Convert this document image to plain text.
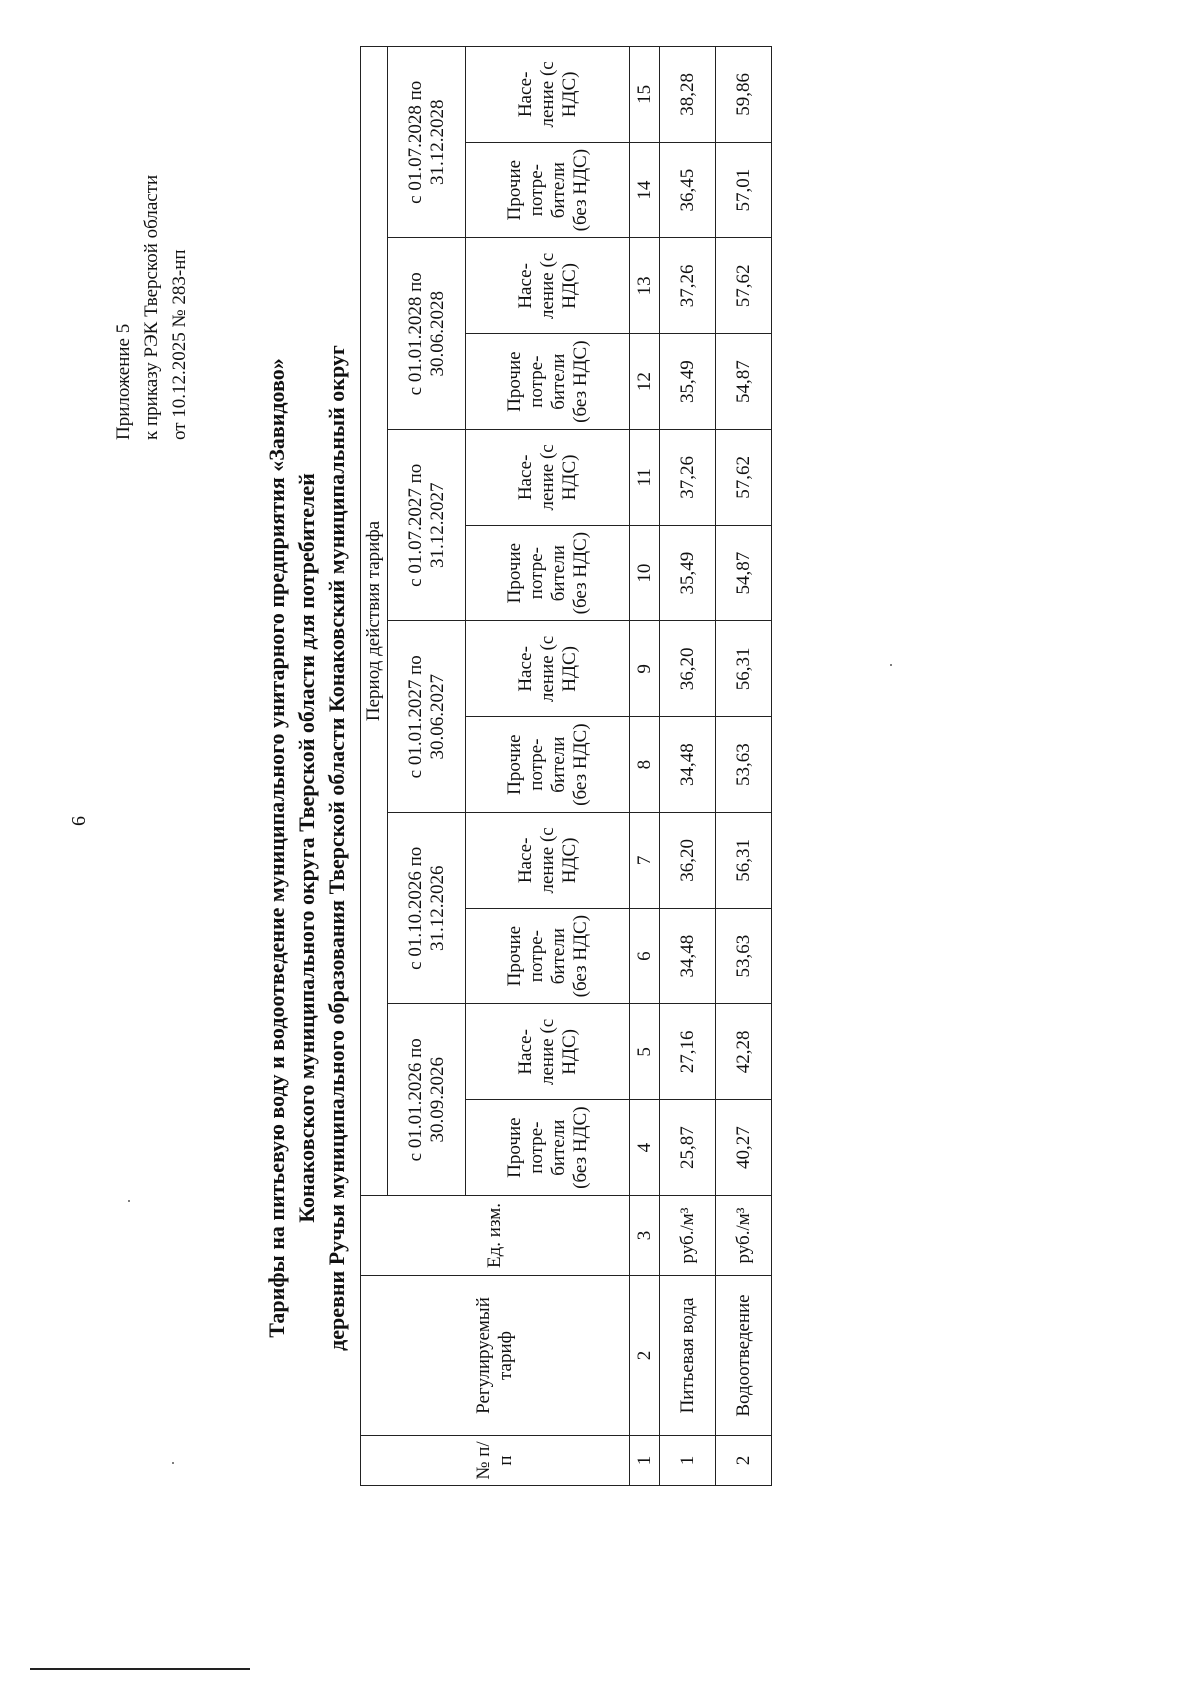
6
Приложение 5 к приказу РЭК Тверской области от 10.12.2025 № 283-нп
Тарифы на питьевую воду и водоотведение муниципального унитарного предприятия «Завидово» Конаковского муниципального округа Тверской области для потребителей деревни Ручьи муниципального образования Тверской области Конаковский муниципальный округ
№ п/п	Регулируемый тариф	Ед. изм.	Период действия тарифа											
			с 01.01.2026 по 30.09.2026		с 01.10.2026 по 31.12.2026		с 01.01.2027 по 30.06.2027		с 01.07.2027 по 31.12.2027		с 01.01.2028 по 30.06.2028		с 01.07.2028 по 31.12.2028	
			Прочие потре-бители (без НДС)	Насе-ление (с НДС)	Прочие потре-бители (без НДС)	Насе-ление (с НДС)	Прочие потре-бители (без НДС)	Насе-ление (с НДС)	Прочие потре-бители (без НДС)	Насе-ление (с НДС)	Прочие потре-бители (без НДС)	Насе-ление (с НДС)	Прочие потре-бители (без НДС)	Насе-ление (с НДС)
1	2	3	4	5	6	7	8	9	10	11	12	13	14	15
1	Питьевая вода	руб./м³	25,87	27,16	34,48	36,20	34,48	36,20	35,49	37,26	35,49	37,26	36,45	38,28
2	Водоотведение	руб./м³	40,27	42,28	53,63	56,31	53,63	56,31	54,87	57,62	54,87	57,62	57,01	59,86
